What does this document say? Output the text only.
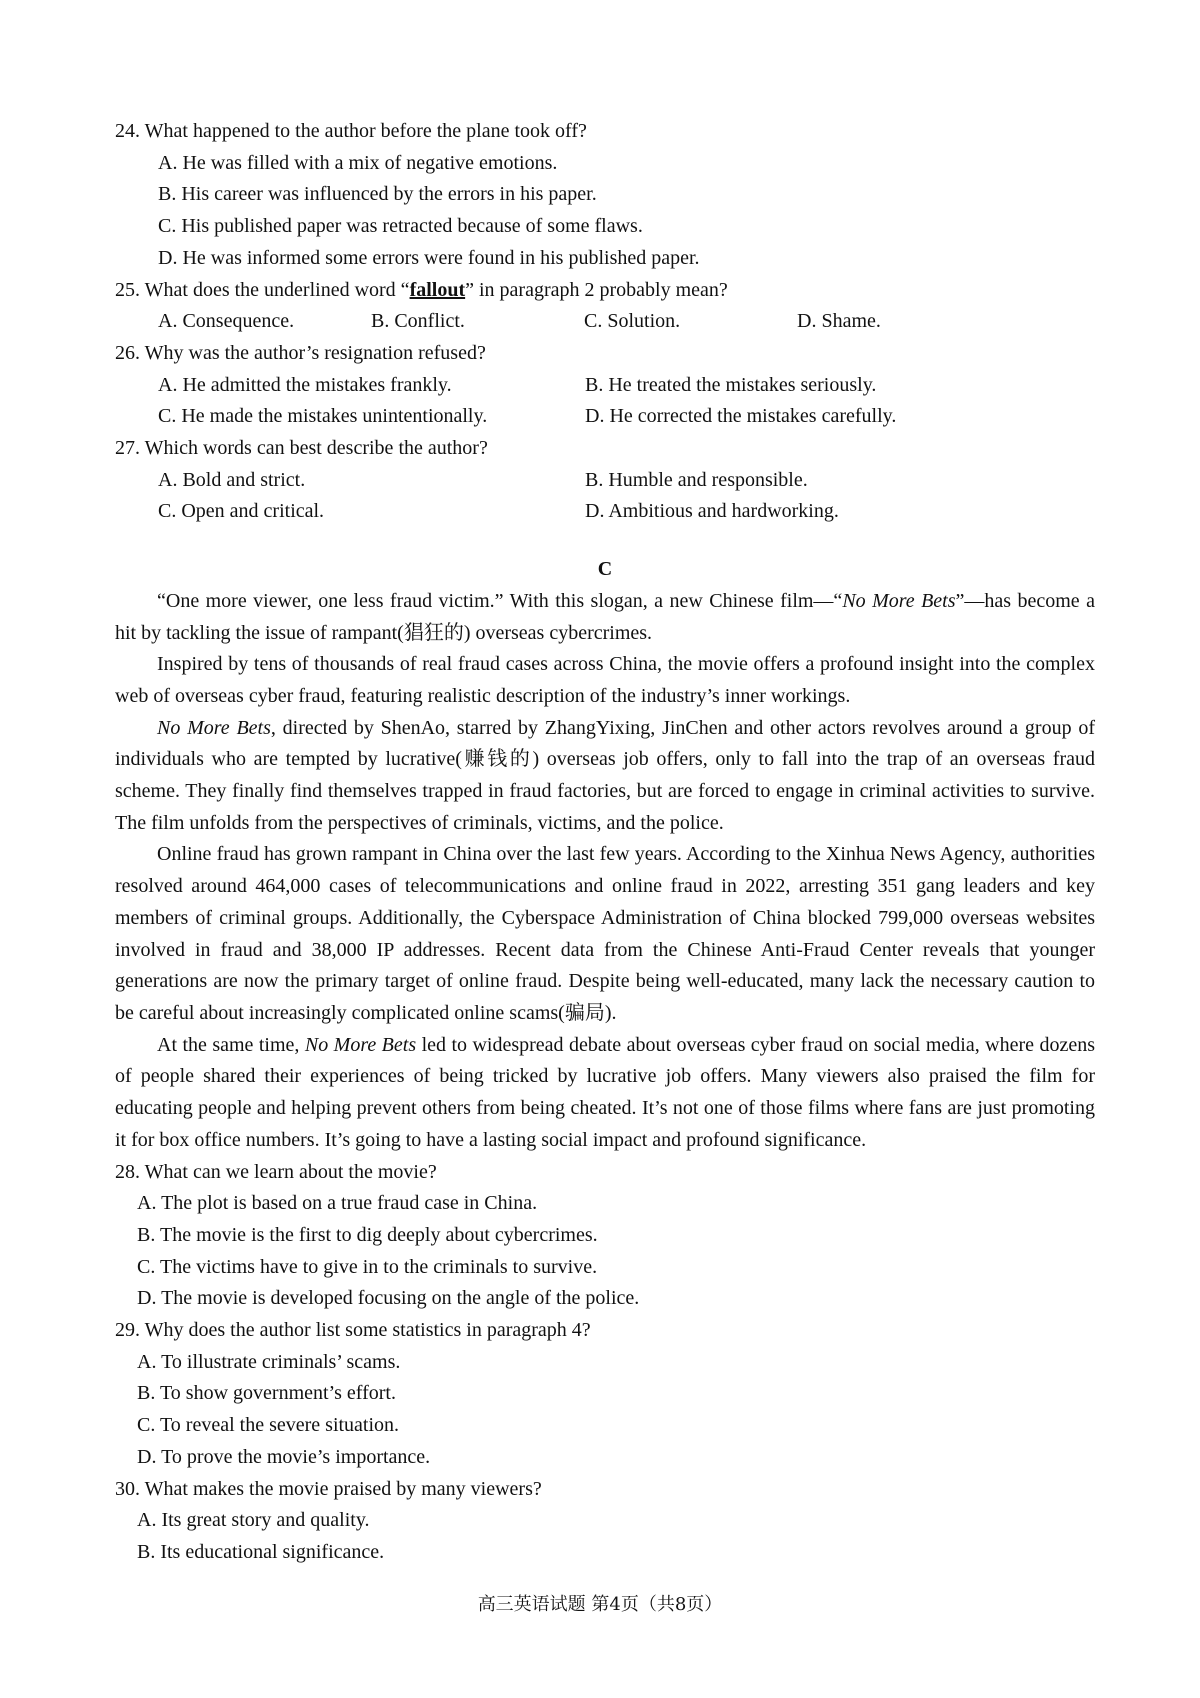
24. What happened to the author before the plane took off?

A. He was filled with a mix of negative emotions.

B. His career was influenced by the errors in his paper.

C. His published paper was retracted because of some flaws.

D. He was informed some errors were found in his published paper.

25. What does the underlined word “fallout” in paragraph 2 probably mean?

A. Consequence.	B. Conflict.	C. Solution.	D. Shame.

26. Why was the author’s resignation refused?

A. He admitted the mistakes frankly.	B. He treated the mistakes seriously.
C. He made the mistakes unintentionally.	D. He corrected the mistakes carefully.

27. Which words can best describe the author?

A. Bold and strict.	B. Humble and responsible.
C. Open and critical.	D. Ambitious and hardworking.

C

“One more viewer, one less fraud victim.” With this slogan, a new Chinese film—“No More Bets”—has become a hit by tackling the issue of rampant(猖狂的) overseas cybercrimes.

Inspired by tens of thousands of real fraud cases across China, the movie offers a profound insight into the complex web of overseas cyber fraud, featuring realistic description of the industry’s inner workings.

No More Bets, directed by ShenAo, starred by ZhangYixing, JinChen and other actors revolves around a group of individuals who are tempted by lucrative(赚钱的) overseas job offers, only to fall into the trap of an overseas fraud scheme. They finally find themselves trapped in fraud factories, but are forced to engage in criminal activities to survive. The film unfolds from the perspectives of criminals, victims, and the police.

Online fraud has grown rampant in China over the last few years. According to the Xinhua News Agency, authorities resolved around 464,000 cases of telecommunications and online fraud in 2022, arresting 351 gang leaders and key members of criminal groups. Additionally, the Cyberspace Administration of China blocked 799,000 overseas websites involved in fraud and 38,000 IP addresses. Recent data from the Chinese Anti-Fraud Center reveals that younger generations are now the primary target of online fraud. Despite being well-educated, many lack the necessary caution to be careful about increasingly complicated online scams(骗局).

At the same time, No More Bets led to widespread debate about overseas cyber fraud on social media, where dozens of people shared their experiences of being tricked by lucrative job offers. Many viewers also praised the film for educating people and helping prevent others from being cheated. It’s not one of those films where fans are just promoting it for box office numbers. It’s going to have a lasting social impact and profound significance.

28. What can we learn about the movie?

A. The plot is based on a true fraud case in China.

B. The movie is the first to dig deeply about cybercrimes.

C. The victims have to give in to the criminals to survive.

D. The movie is developed focusing on the angle of the police.

29. Why does the author list some statistics in paragraph 4?

A. To illustrate criminals’ scams.

B. To show government’s effort.

C. To reveal the severe situation.

D. To prove the movie’s importance.

30. What makes the movie praised by many viewers?

A. Its great story and quality.

B. Its educational significance.

高三英语试题 第4页（共8页）
